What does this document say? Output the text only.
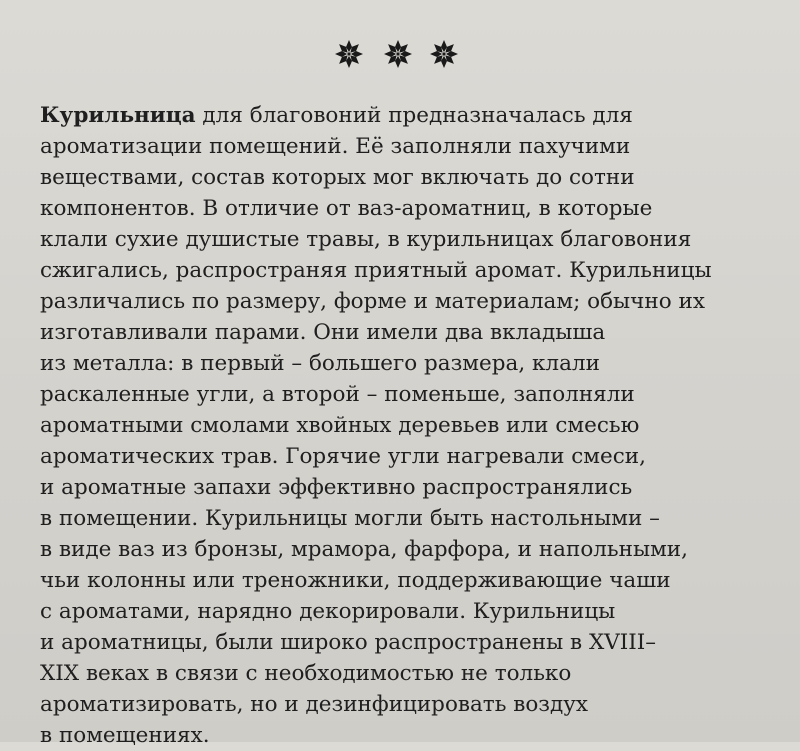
Курильница для благовоний предназначалась для
ароматизации помещений. Её заполняли пахучими
веществами, состав которых мог включать до сотни
компонентов. В отличие от ваз-ароматниц, в которые
клали сухие душистые травы, в курильницах благовония
сжигались, распространяя приятный аромат. Курильницы
различались по размеру, форме и материалам; обычно их
изготавливали парами. Они имели два вкладыша
из металла: в первый – большего размера, клали
раскаленные угли, а второй – поменьше, заполняли
ароматными смолами хвойных деревьев или смесью
ароматических трав. Горячие угли нагревали смеси,
и ароматные запахи эффективно распространялись
в помещении. Курильницы могли быть настольными –
в виде ваз из бронзы, мрамора, фарфора, и напольными,
чьи колонны или треножники, поддерживающие чаши
с ароматами, нарядно декорировали. Курильницы
и ароматницы, были широко распространены в XVIII–
XIX веках в связи с необходимостью не только
ароматизировать, но и дезинфицировать воздух
в помещениях.
